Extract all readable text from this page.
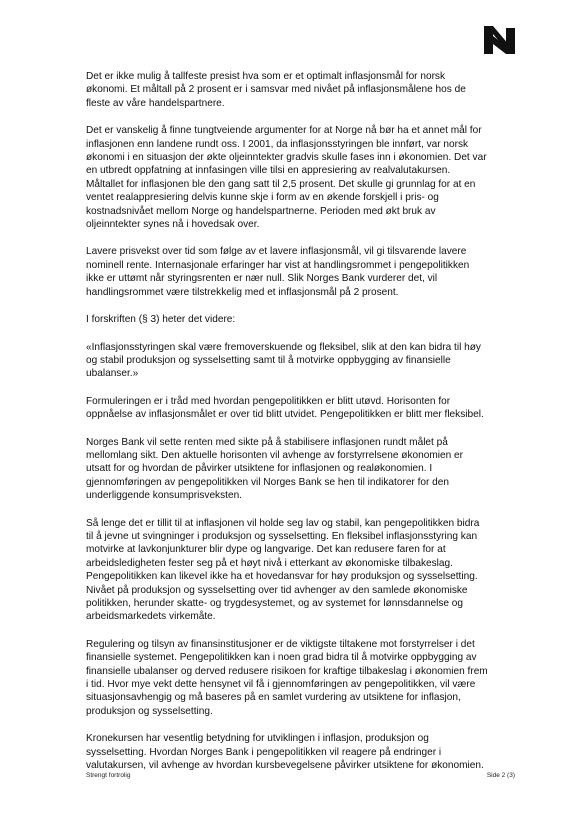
Det er ikke mulig å tallfeste presist hva som er et optimalt inflasjonsmål for norsk
økonomi. Et måltall på 2 prosent er i samsvar med nivået på inflasjonsmålene hos de
fleste av våre handelspartnere.

Det er vanskelig å finne tungtveiende argumenter for at Norge nå bør ha et annet mål for
inflasjonen enn landene rundt oss. I 2001, da inflasjonsstyringen ble innført, var norsk
økonomi i en situasjon der økte oljeinntekter gradvis skulle fases inn i økonomien. Det var
en utbredt oppfatning at innfasingen ville tilsi en appresiering av realvalutakursen.
Måltallet for inflasjonen ble den gang satt til 2,5 prosent. Det skulle gi grunnlag for at en
ventet realappresiering delvis kunne skje i form av en økende forskjell i pris- og
kostnadsnivået mellom Norge og handelspartnerne. Perioden med økt bruk av
oljeinntekter synes nå i hovedsak over.

Lavere prisvekst over tid som følge av et lavere inflasjonsmål, vil gi tilsvarende lavere
nominell rente. Internasjonale erfaringer har vist at handlingsrommet i pengepolitikken
ikke er uttømt når styringsrenten er nær null. Slik Norges Bank vurderer det, vil
handlingsrommet være tilstrekkelig med et inflasjonsmål på 2 prosent.

I forskriften (§ 3) heter det videre:

«Inflasjonsstyringen skal være fremoverskuende og fleksibel, slik at den kan bidra til høy
og stabil produksjon og sysselsetting samt til å motvirke oppbygging av finansielle
ubalanser.»

Formuleringen er i tråd med hvordan pengepolitikken er blitt utøvd. Horisonten for
oppnåelse av inflasjonsmålet er over tid blitt utvidet. Pengepolitikken er blitt mer fleksibel.

Norges Bank vil sette renten med sikte på å stabilisere inflasjonen rundt målet på
mellomlang sikt. Den aktuelle horisonten vil avhenge av forstyrrelsene økonomien er
utsatt for og hvordan de påvirker utsiktene for inflasjonen og realøkonomien. I
gjennomføringen av pengepolitikken vil Norges Bank se hen til indikatorer for den
underliggende konsumprisveksten.

Så lenge det er tillit til at inflasjonen vil holde seg lav og stabil, kan pengepolitikken bidra
til å jevne ut svingninger i produksjon og sysselsetting. En fleksibel inflasjonsstyring kan
motvirke at lavkonjunkturer blir dype og langvarige. Det kan redusere faren for at
arbeidsledigheten fester seg på et høyt nivå i etterkant av økonomiske tilbakeslag.
Pengepolitikken kan likevel ikke ha et hovedansvar for høy produksjon og sysselsetting.
Nivået på produksjon og sysselsetting over tid avhenger av den samlede økonomiske
politikken, herunder skatte- og trygdesystemet, og av systemet for lønnsdannelse og
arbeidsmarkedets virkemåte.

Regulering og tilsyn av finansinstitusjoner er de viktigste tiltakene mot forstyrrelser i det
finansielle systemet. Pengepolitikken kan i noen grad bidra til å motvirke oppbygging av
finansielle ubalanser og derved redusere risikoen for kraftige tilbakeslag i økonomien frem
i tid. Hvor mye vekt dette hensynet vil få i gjennomføringen av pengepolitikken, vil være
situasjonsavhengig og må baseres på en samlet vurdering av utsiktene for inflasjon,
produksjon og sysselsetting.

Kronekursen har vesentlig betydning for utviklingen i inflasjon, produksjon og
sysselsetting. Hvordan Norges Bank i pengepolitikken vil reagere på endringer i
valutakursen, vil avhenge av hvordan kursbevegelsene påvirker utsiktene for økonomien.

Strengt fortrolig	Side 2 (3)
